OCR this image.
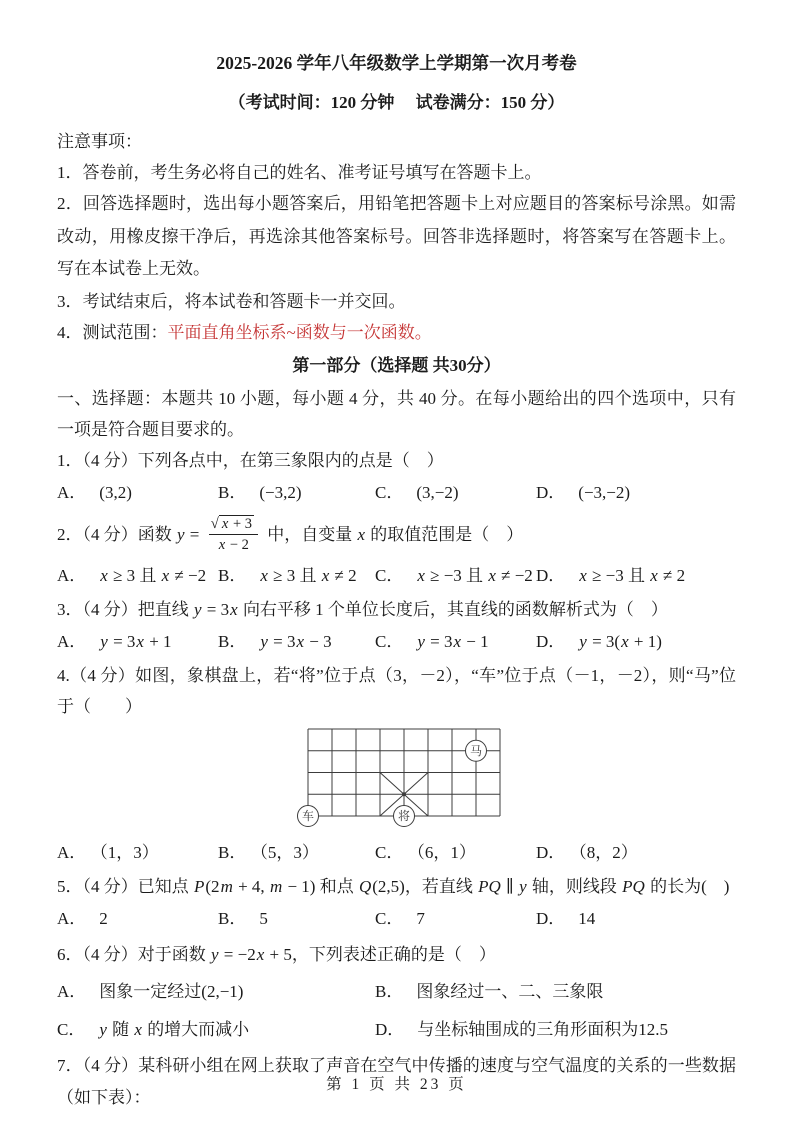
2025-2026 学年八年级数学上学期第一次月考卷
（考试时间：120 分钟　 试卷满分：150 分）

注意事项：

1．答卷前，考生务必将自己的姓名、准考证号填写在答题卡上。

2．回答选择题时，选出每小题答案后，用铅笔把答题卡上对应题目的答案标号涂黑。如需改动，用橡皮擦干净后，再选涂其他答案标号。回答非选择题时，将答案写在答题卡上。写在本试卷上无效。

3．考试结束后，将本试卷和答题卡一并交回。

4．测试范围：平面直角坐标系~函数与一次函数。

第一部分（选择题 共30分）

一、选择题：本题共 10 小题，每小题 4 分，共 40 分。在每小题给出的四个选项中，只有一项是符合题目要求的。

1．（4 分）下列各点中，在第三象限内的点是（　）

A． (3,2)	B． (−3,2)	C． (3,−2)	D． (−3,−2)
2．（4 分）函数 $y = \frac{√ x + 3}{x - 2}$ 中，自变量 x 的取值范围是（　）
A． x ≥ 3 且 x ≠ −2 B． x ≥ 3 且 x ≠ 2	C． x ≥ −3 且 x ≠ −2 D． x ≥ −3 且 x ≠ 2

3．（4 分）把直线 y = 3x 向右平移 1 个单位长度后，其直线的函数解析式为（　）

A． y = 3x + 1	B． y = 3x − 3	C． y = 3x − 1	D． y = 3(x + 1)

4.（4 分）如图，象棋盘上，若“将”位于点（3，－2），“车”位于点（－1，－2），则“马”位于（　　）

马
车	将
A． （1，3）	B． （5，3）	C． （6，1）	D． （8，2）

5．（4 分）已知点 P(2m + 4, m − 1) 和点 Q(2,5)，若直线 PQ ∥ y 轴，则线段 PQ 的长为(　)

A． 2	B． 5	C． 7	D． 14

6．（4 分）对于函数 y = −2x + 5，下列表述正确的是（　）

A． 图象一定经过(2,−1)	B． 图象经过一、二、三象限
C． y 随 x 的增大而减小	D． 与坐标轴围成的三角形面积为12.5

7．（4 分）某科研小组在网上获取了声音在空气中传播的速度与空气温度的关系的一些数据（如下表）：

第 1 页 共 23 页
